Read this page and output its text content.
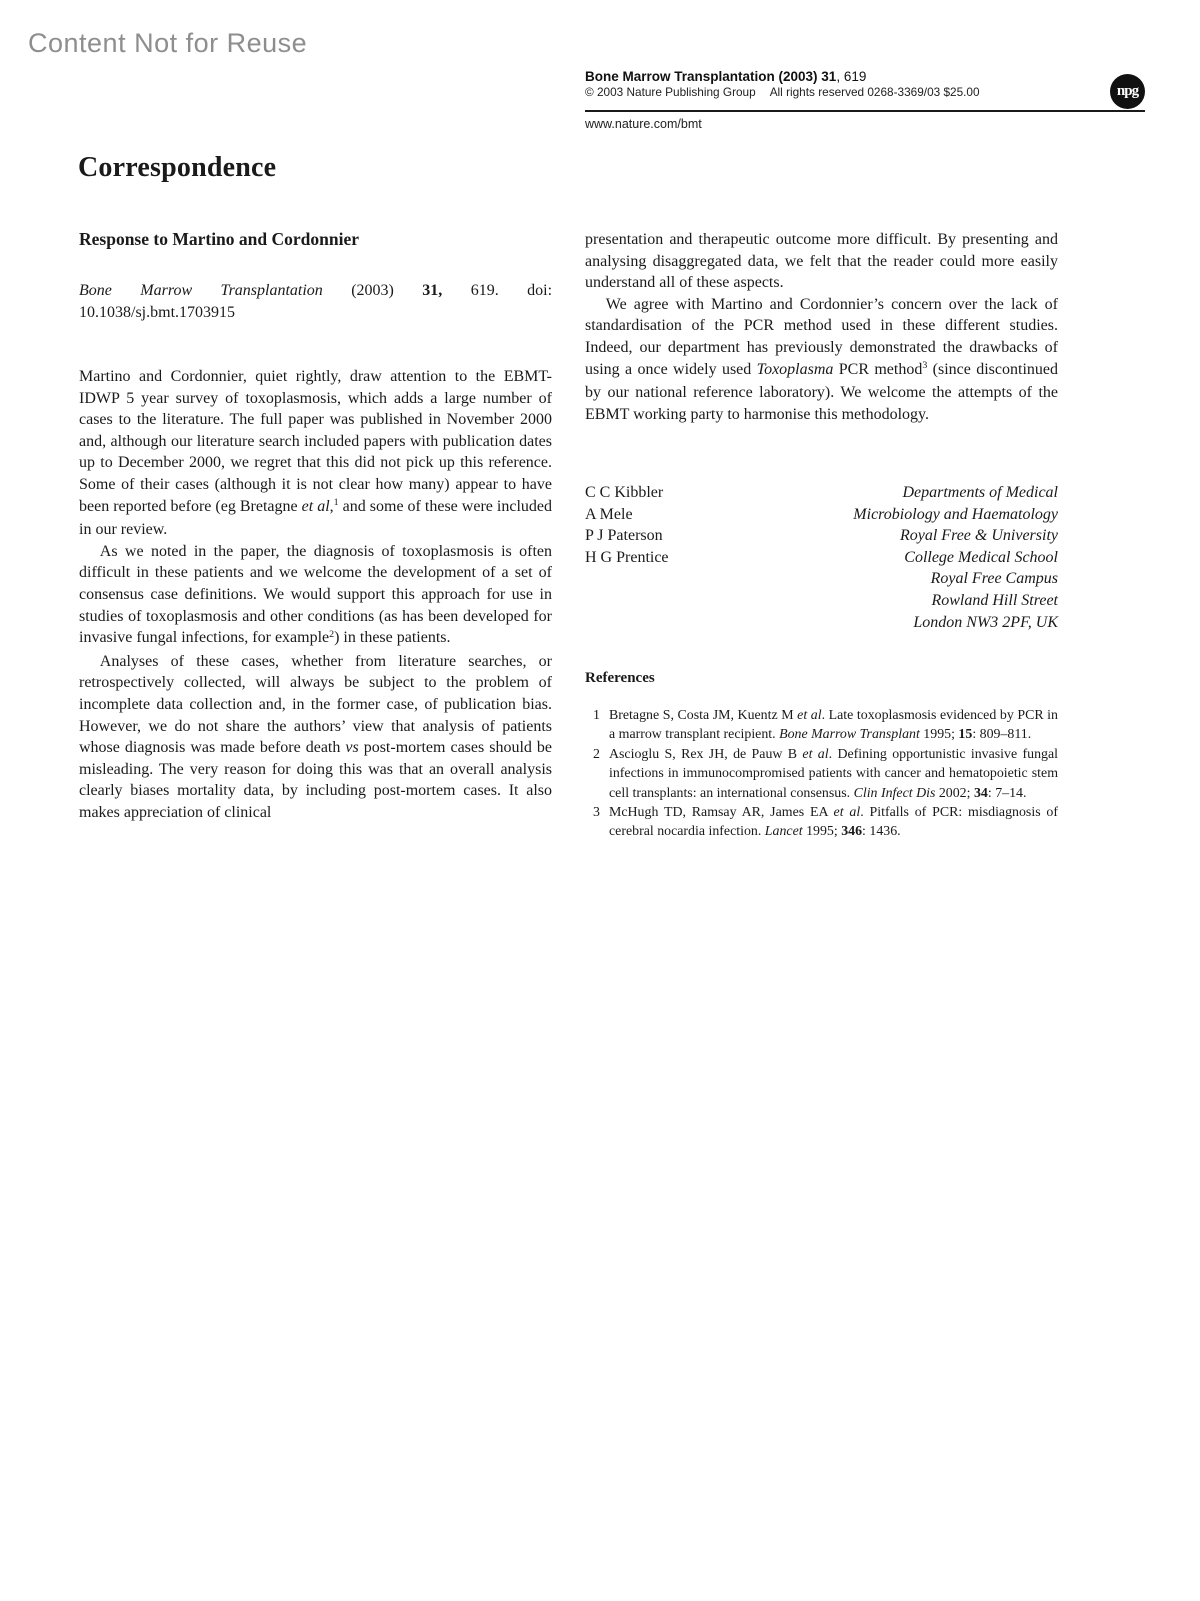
Content Not for Reuse
Bone Marrow Transplantation (2003) 31, 619
© 2003 Nature Publishing Group All rights reserved 0268-3369/03 $25.00
www.nature.com/bmt
npg
Correspondence
Response to Martino and Cordonnier

Bone Marrow Transplantation (2003) 31, 619. doi: 10.1038/sj.bmt.1703915

Martino and Cordonnier, quiet rightly, draw attention to the EBMT-IDWP 5 year survey of toxoplasmosis, which adds a large number of cases to the literature. The full paper was published in November 2000 and, although our literature search included papers with publication dates up to December 2000, we regret that this did not pick up this reference. Some of their cases (although it is not clear how many) appear to have been reported before (eg Bretagne et al,$^1$ and some of these were included in our review.

As we noted in the paper, the diagnosis of toxoplasmosis is often difficult in these patients and we welcome the development of a set of consensus case definitions. We would support this approach for use in studies of toxoplasmosis and other conditions (as has been developed for invasive fungal infections, for example$^2$) in these patients.

Analyses of these cases, whether from literature searches, or retrospectively collected, will always be subject to the problem of incomplete data collection and, in the former case, of publication bias. However, we do not share the authors’ view that analysis of patients whose diagnosis was made before death vs post-mortem cases should be misleading. The very reason for doing this was that an overall analysis clearly biases mortality data, by including post-mortem cases. It also makes appreciation of clinical

presentation and therapeutic outcome more difficult. By presenting and analysing disaggregated data, we felt that the reader could more easily understand all of these aspects.

We agree with Martino and Cordonnier’s concern over the lack of standardisation of the PCR method used in these different studies. Indeed, our department has previously demonstrated the drawbacks of using a once widely used Toxoplasma PCR method$^3$ (since discontinued by our national reference laboratory). We welcome the attempts of the EBMT working party to harmonise this methodology.

C C Kibbler
A Mele
P J Paterson
H G Prentice
Departments of Medical
Microbiology and Haematology
Royal Free & University
College Medical School
Royal Free Campus
Rowland Hill Street
London NW3 2PF, UK
References

1 Bretagne S, Costa JM, Kuentz M et al. Late toxoplasmosis evidenced by PCR in a marrow transplant recipient. Bone Marrow Transplant 1995; 15: 809–811.

2 Ascioglu S, Rex JH, de Pauw B et al. Defining opportunistic invasive fungal infections in immunocompromised patients with cancer and hematopoietic stem cell transplants: an international consensus. Clin Infect Dis 2002; 34: 7–14.

3 McHugh TD, Ramsay AR, James EA et al. Pitfalls of PCR: misdiagnosis of cerebral nocardia infection. Lancet 1995; 346: 1436.
